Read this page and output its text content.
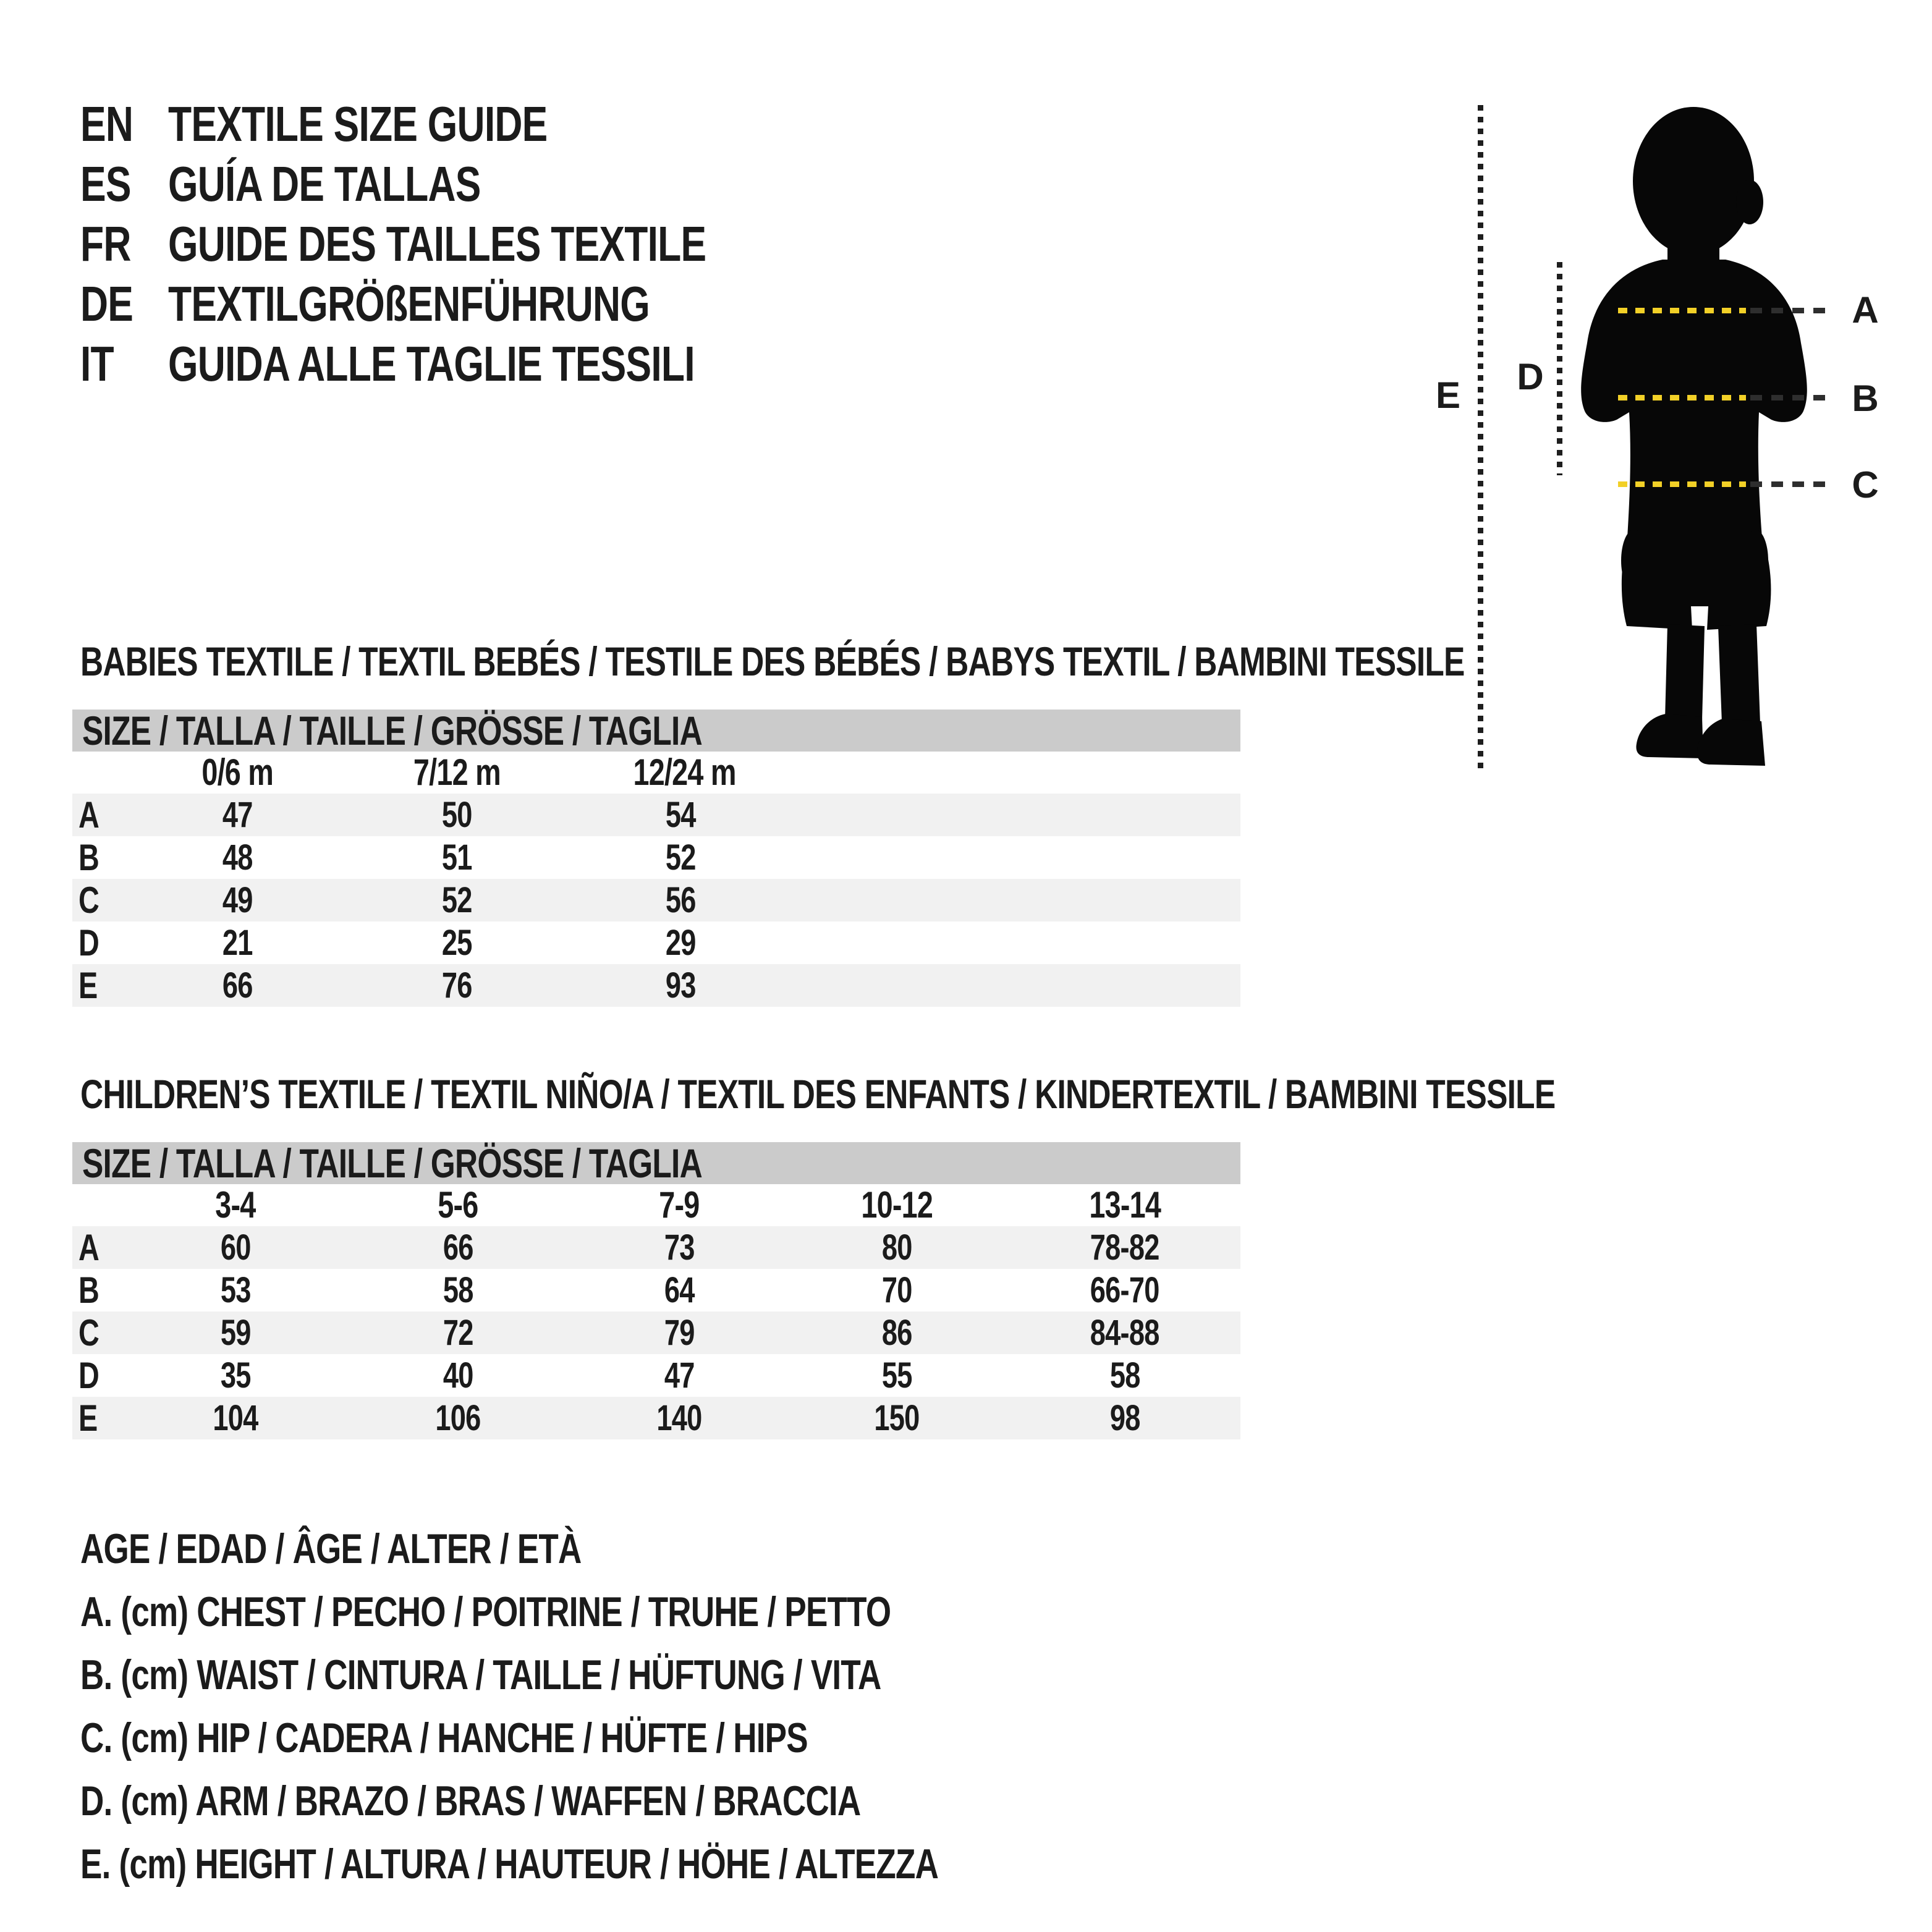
EN TEXTILE SIZE GUIDE
ES GUÍA DE TALLAS
FR GUIDE DES TAILLES TEXTILE
DE TEXTILGRÖßENFÜHRUNG
IT	GUIDA ALLE TAGLIE TESSILI
E D
A
B
C
BABIES TEXTILE / TEXTIL BEBÉS / TESTILE DES BÉBÉS / BABYS TEXTIL / BAMBINI TESSILE
SIZE / TALLA / TAILLE / GRÖSSE / TAGLIA
0/6 m	7/12 m	12/24 m
A	47	50	54
B	48	51	52
C	49	52	56
D	21	25	29
E	66	76	93
CHILDREN’S TEXTILE / TEXTIL NIÑO/A / TEXTIL DES ENFANTS / KINDERTEXTIL / BAMBINI TESSILE
SIZE / TALLA / TAILLE / GRÖSSE / TAGLIA
3-4	5-6	7-9	10-12	13-14
A	60	66	73	80	78-82
B	53	58	64	70	66-70
C	59	72	79	86	84-88
D	35	40	47	55	58
E	104	106	140	150	98
AGE / EDAD / ÂGE / ALTER / ETÀ
A. (cm) CHEST / PECHO / POITRINE / TRUHE / PETTO
B. (cm) WAIST / CINTURA / TAILLE / HÜFTUNG / VITA
C. (cm) HIP / CADERA / HANCHE / HÜFTE / HIPS
D. (cm) ARM / BRAZO / BRAS / WAFFEN / BRACCIA
E. (cm) HEIGHT / ALTURA / HAUTEUR / HÖHE / ALTEZZA
